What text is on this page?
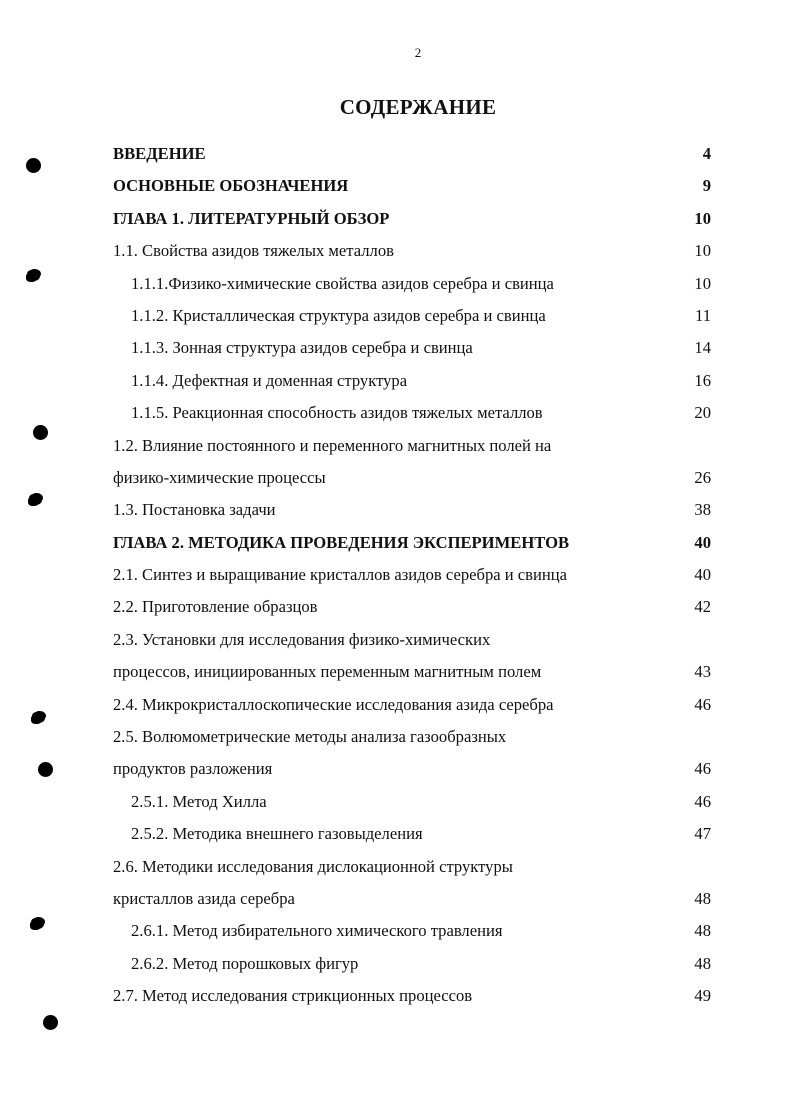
2
СОДЕРЖАНИЕ
ВВЕДЕНИЕ	4
ОСНОВНЫЕ ОБОЗНАЧЕНИЯ	9
ГЛАВА 1. ЛИТЕРАТУРНЫЙ ОБЗОР	10
1.1. Свойства азидов тяжелых металлов	10
1.1.1.Физико-химические свойства азидов серебра и свинца	10
1.1.2. Кристаллическая структура азидов серебра и свинца	11
1.1.3. Зонная структура азидов серебра и свинца	14
1.1.4. Дефектная и доменная структура	16
1.1.5. Реакционная способность азидов тяжелых металлов	20
1.2. Влияние постоянного и переменного магнитных полей на
физико-химические процессы	26
1.3. Постановка задачи	38
ГЛАВА 2. МЕТОДИКА ПРОВЕДЕНИЯ ЭКСПЕРИМЕНТОВ	40
2.1. Синтез и выращивание кристаллов азидов серебра и свинца	40
2.2. Приготовление образцов	42
2.3. Установки для исследования физико-химических
процессов, инициированных переменным магнитным полем	43
2.4. Микрокристаллоскопические исследования азида серебра	46
2.5. Волюмометрические методы анализа газообразных
продуктов разложения	46
2.5.1. Метод Хилла	46
2.5.2. Методика внешнего газовыделения	47
2.6. Методики исследования дислокационной структуры
кристаллов азида серебра	48
2.6.1. Метод избирательного химического травления	48
2.6.2. Метод порошковых фигур	48
2.7. Метод исследования стрикционных процессов	49
